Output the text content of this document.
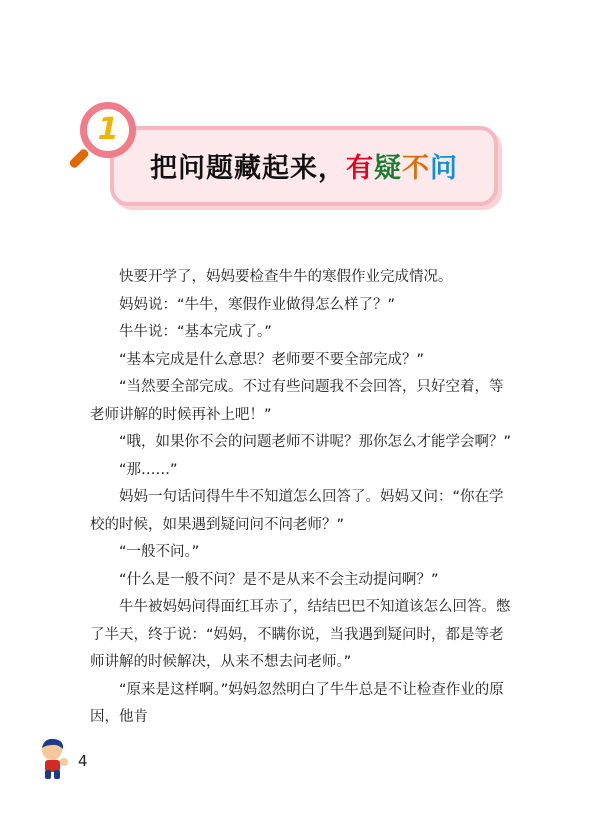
1
把问题藏起来，有疑不问

快要开学了，妈妈要检查牛牛的寒假作业完成情况。

妈妈说：“牛牛，寒假作业做得怎么样了？”

牛牛说：“基本完成了。”

“基本完成是什么意思？老师要不要全部完成？”

“当然要全部完成。不过有些问题我不会回答，只好空着，等老师讲解的时候再补上吧！”

“哦，如果你不会的问题老师不讲呢？那你怎么才能学会啊？”

“那……”

妈妈一句话问得牛牛不知道怎么回答了。妈妈又问：“你在学校的时候，如果遇到疑问问不问老师？”

“一般不问。”

“什么是一般不问？是不是从来不会主动提问啊？”

牛牛被妈妈问得面红耳赤了，结结巴巴不知道该怎么回答。憋了半天，终于说：“妈妈，不瞒你说，当我遇到疑问时，都是等老师讲解的时候解决，从来不想去问老师。”

“原来是这样啊。”妈妈忽然明白了牛牛总是不让检查作业的原因，他肯

4
